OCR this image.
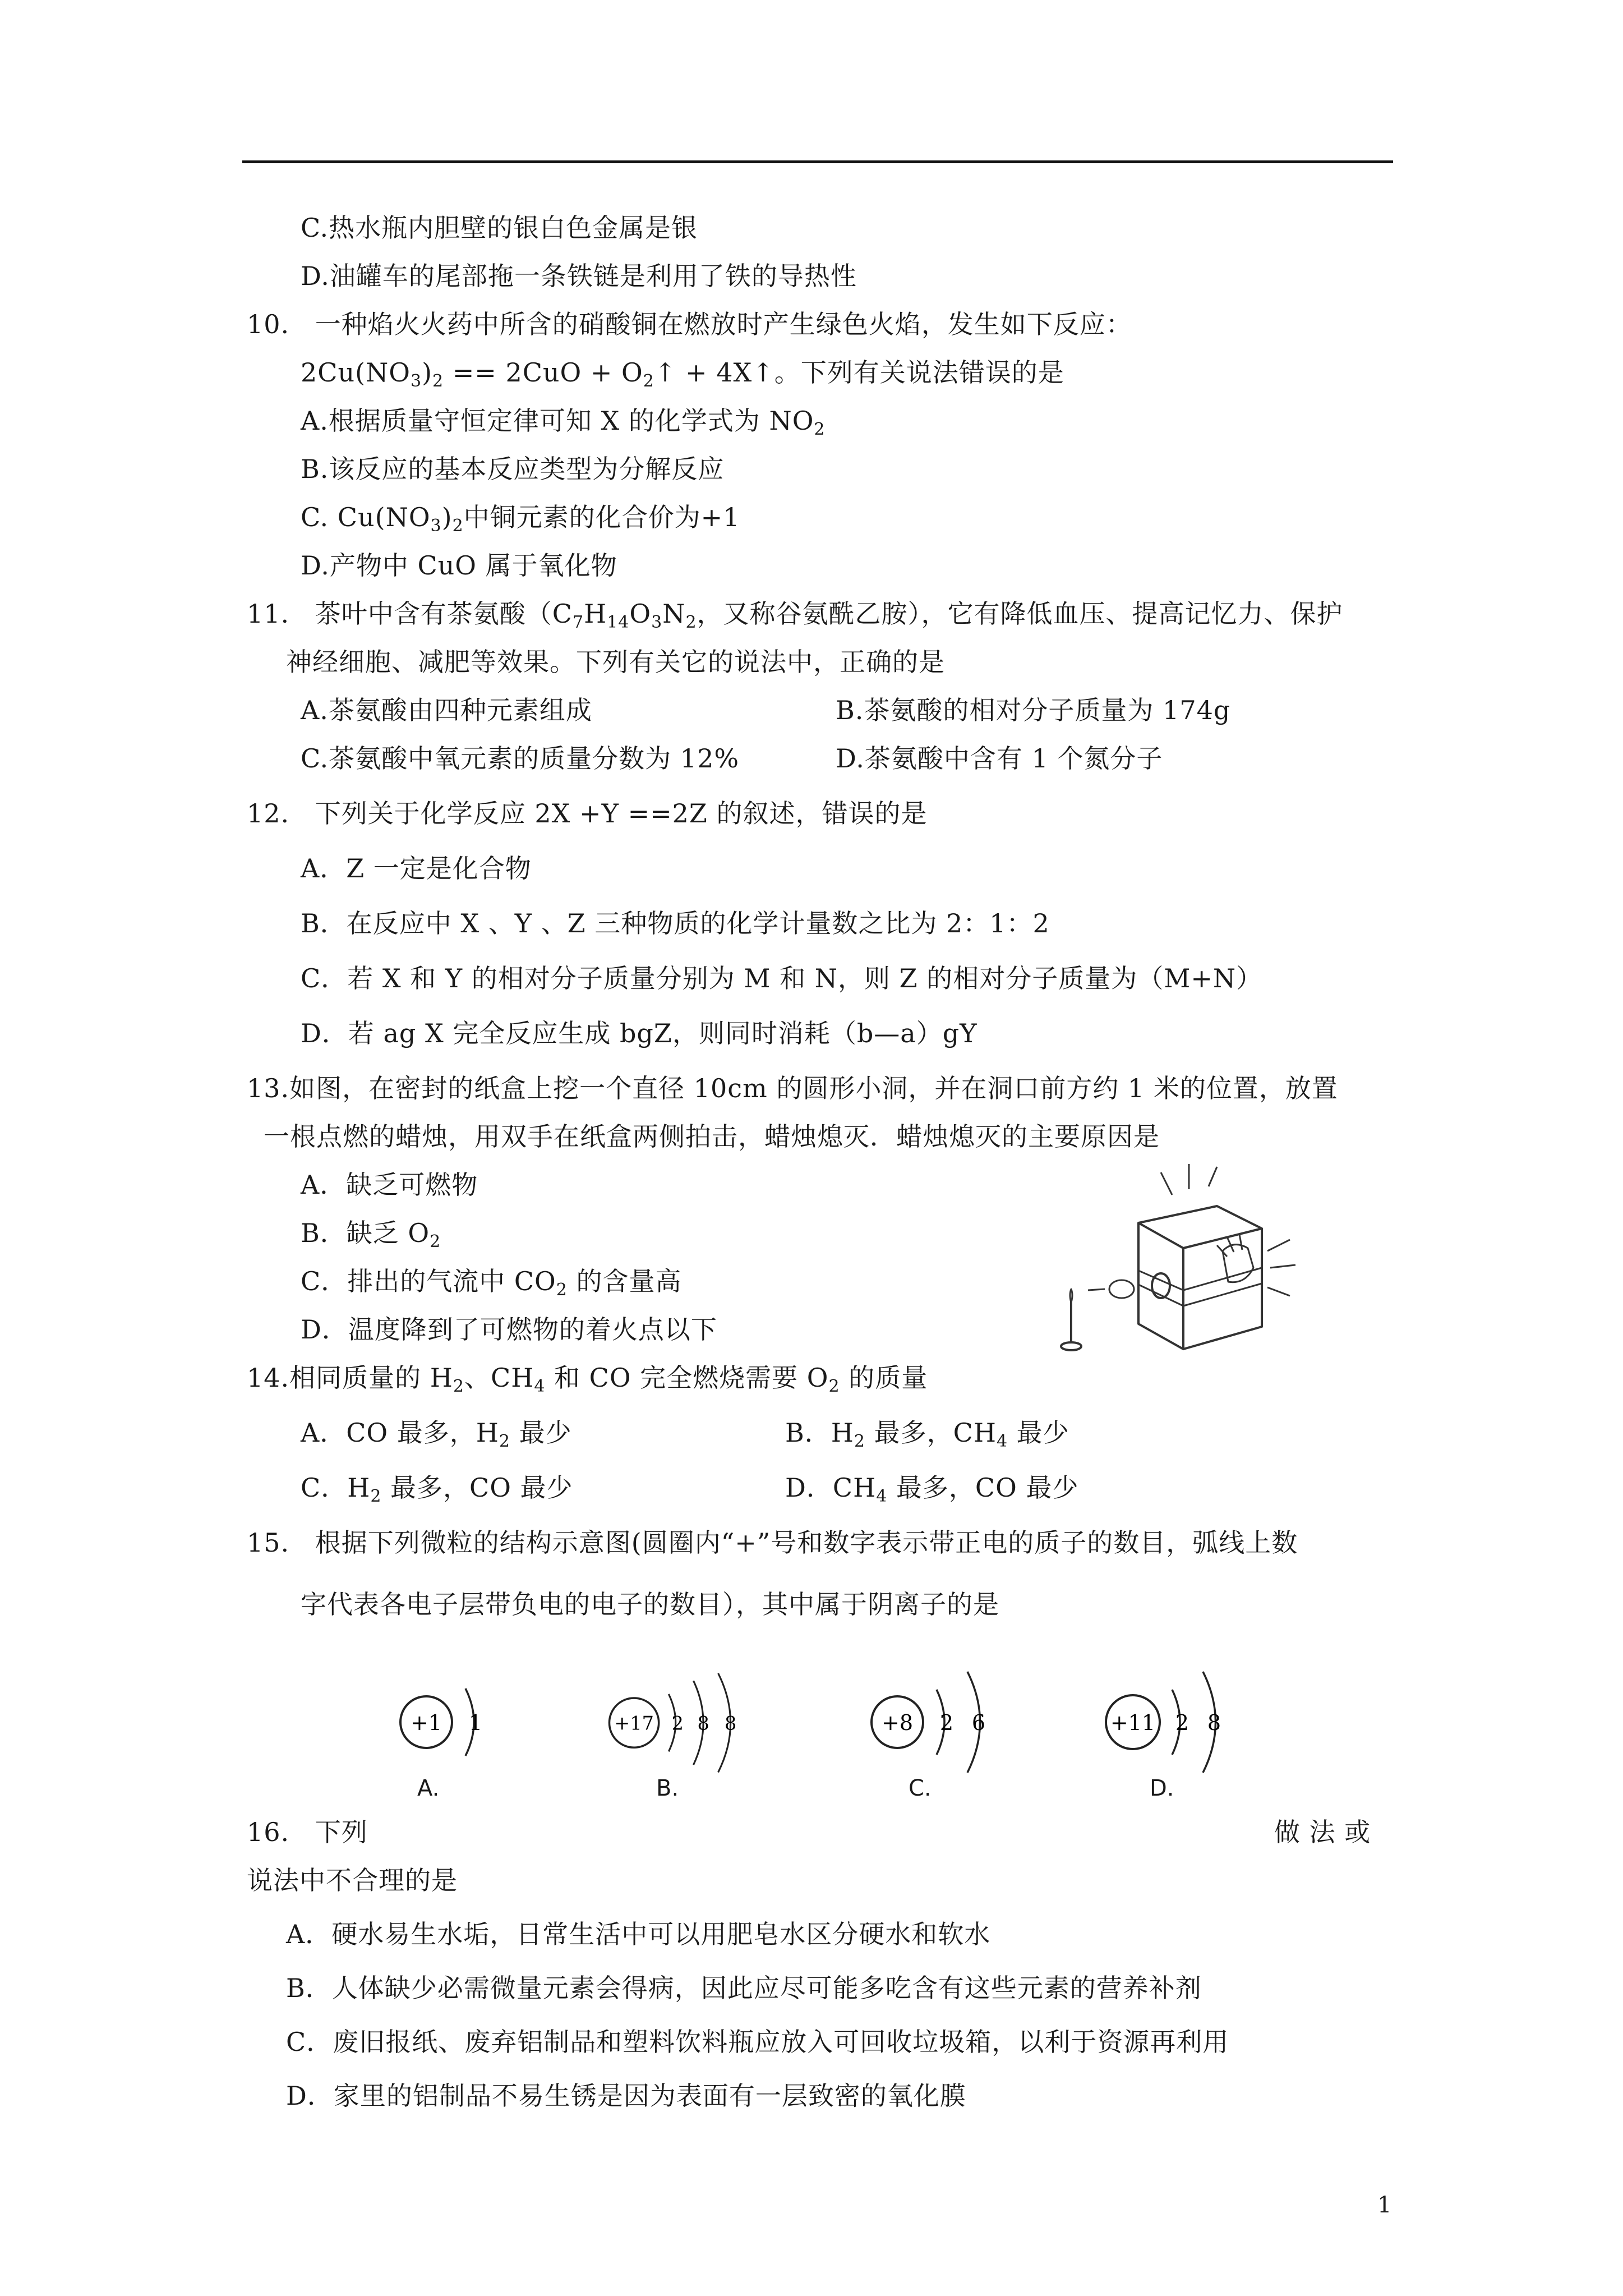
C.热水瓶内胆壁的银白色金属是银
D.油罐车的尾部拖一条铁链是利用了铁的导热性
10. 一种焰火火药中所含的硝酸铜在燃放时产生绿色火焰，发生如下反应：
$2Cu(NO_3)_2 == 2CuO$ + $O_2↑$ + 4X↑。下列有关说法错误的是
A.根据质量守恒定律可知 X 的化学式为 $NO_2$
B.该反应的基本反应类型为分解反应
C. $Cu(NO_3)_2$中铜元素的化合价为+1
D.产物中 CuO 属于氧化物
11. 茶叶中含有茶氨酸（$C_7H_{14}O_3N_2$，又称谷氨酰乙胺），它有降低血压、提高记忆力、保护
神经细胞、减肥等效果。下列有关它的说法中，正确的是
A.茶氨酸由四种元素组成	B.茶氨酸的相对分子质量为 174g
C.茶氨酸中氧元素的质量分数为 12%	D.茶氨酸中含有 1 个氮分子
12. 下列关于化学反应 2X +Y ==2Z 的叙述，错误的是
A．Z 一定是化合物
B．在反应中 X 、Y 、Z 三种物质的化学计量数之比为 2：1：2
C．若 X 和 Y 的相对分子质量分别为 M 和 N，则 Z 的相对分子质量为（M+N）
D．若 ag X 完全反应生成 bgZ，则同时消耗（b—a）gY
13.如图，在密封的纸盒上挖一个直径 10cm 的圆形小洞，并在洞口前方约 1 米的位置，放置
一根点燃的蜡烛，用双手在纸盒两侧拍击，蜡烛熄灭．蜡烛熄灭的主要原因是
A．缺乏可燃物
B．缺乏 $O_2$
C．排出的气流中 $CO_2$ 的含量高
D．温度降到了可燃物的着火点以下
14.相同质量的 $H_2$、$CH_4$ 和 CO 完全燃烧需要 $O_2$ 的质量
A．CO 最多，$H_2$ 最少	B．$H_2$ 最多，$CH_4$ 最少
C．$H_2$ 最多，CO 最少	D．$CH_4$ 最多，CO 最少
15. 根据下列微粒的结构示意图(圆圈内“+”号和数字表示带正电的质子的数目，弧线上数
字代表各电子层带负电的电子的数目），其中属于阴离子的是
+1 1
A.
+17 2 8 8
B.
+8 2 6
C.
+11 2 8
D.
16. 下列	做 法 或
说法中不合理的是
A．硬水易生水垢，日常生活中可以用肥皂水区分硬水和软水
B．人体缺少必需微量元素会得病，因此应尽可能多吃含有这些元素的营养补剂
C．废旧报纸、废弃铝制品和塑料饮料瓶应放入可回收垃圾箱，以利于资源再利用
D．家里的铝制品不易生锈是因为表面有一层致密的氧化膜
1
